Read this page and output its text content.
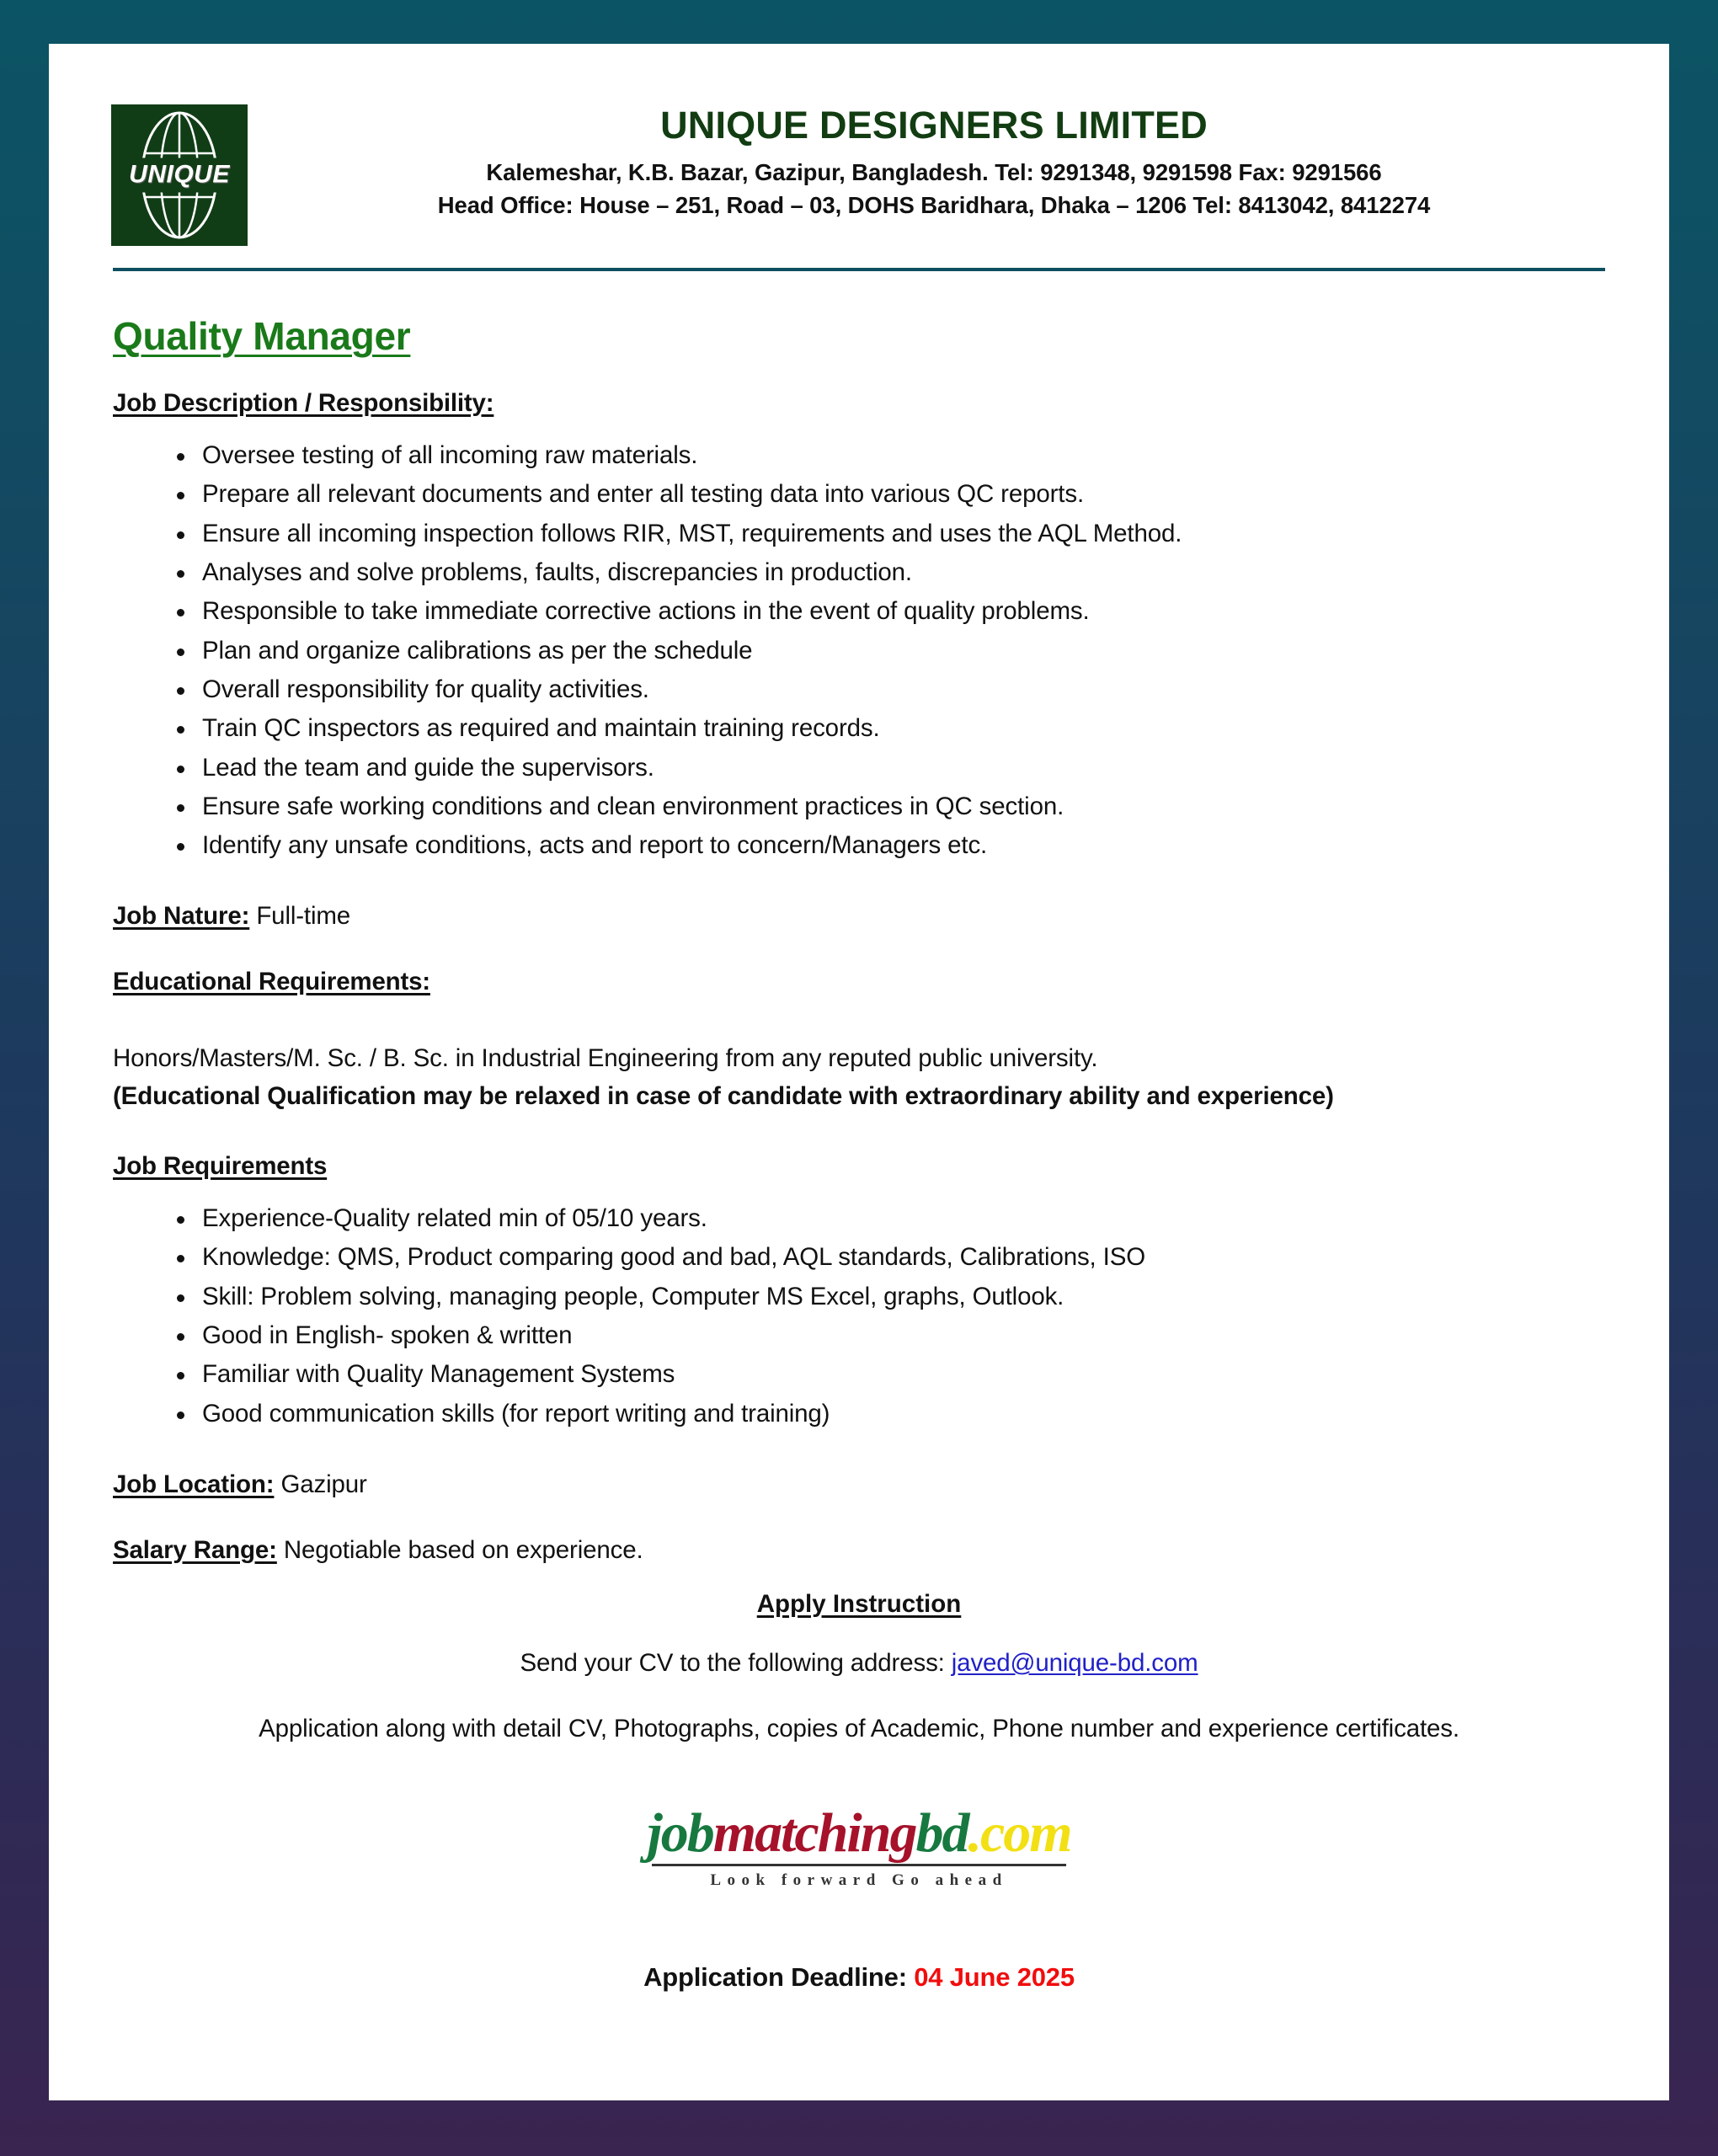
UNIQUE
UNIQUE DESIGNERS LIMITED
Kalemeshar, K.B. Bazar, Gazipur, Bangladesh. Tel: 9291348, 9291598 Fax: 9291566
Head Office: House – 251, Road – 03, DOHS Baridhara, Dhaka – 1206 Tel: 8413042, 8412274
Quality Manager
Job Description / Responsibility:
Oversee testing of all incoming raw materials.
Prepare all relevant documents and enter all testing data into various QC reports.
Ensure all incoming inspection follows RIR, MST, requirements and uses the AQL Method.
Analyses and solve problems, faults, discrepancies in production.
Responsible to take immediate corrective actions in the event of quality problems.
Plan and organize calibrations as per the schedule
Overall responsibility for quality activities.
Train QC inspectors as required and maintain training records.
Lead the team and guide the supervisors.
Ensure safe working conditions and clean environment practices in QC section.
Identify any unsafe conditions, acts and report to concern/Managers etc.
Job Nature: Full-time
Educational Requirements:
Honors/Masters/M. Sc. / B. Sc. in Industrial Engineering from any reputed public university.
(Educational Qualification may be relaxed in case of candidate with extraordinary ability and experience)
Job Requirements
Experience-Quality related min of 05/10 years.
Knowledge: QMS, Product comparing good and bad, AQL standards, Calibrations, ISO
Skill: Problem solving, managing people, Computer MS Excel, graphs, Outlook.
Good in English- spoken & written
Familiar with Quality Management Systems
Good communication skills (for report writing and training)
Job Location: Gazipur
Salary Range: Negotiable based on experience.
Apply Instruction
Send your CV to the following address: javed@unique-bd.com
Application along with detail CV, Photographs, copies of Academic, Phone number and experience certificates.
jobmatchingbd.com
Look forward Go ahead
Application Deadline: 04 June 2025
